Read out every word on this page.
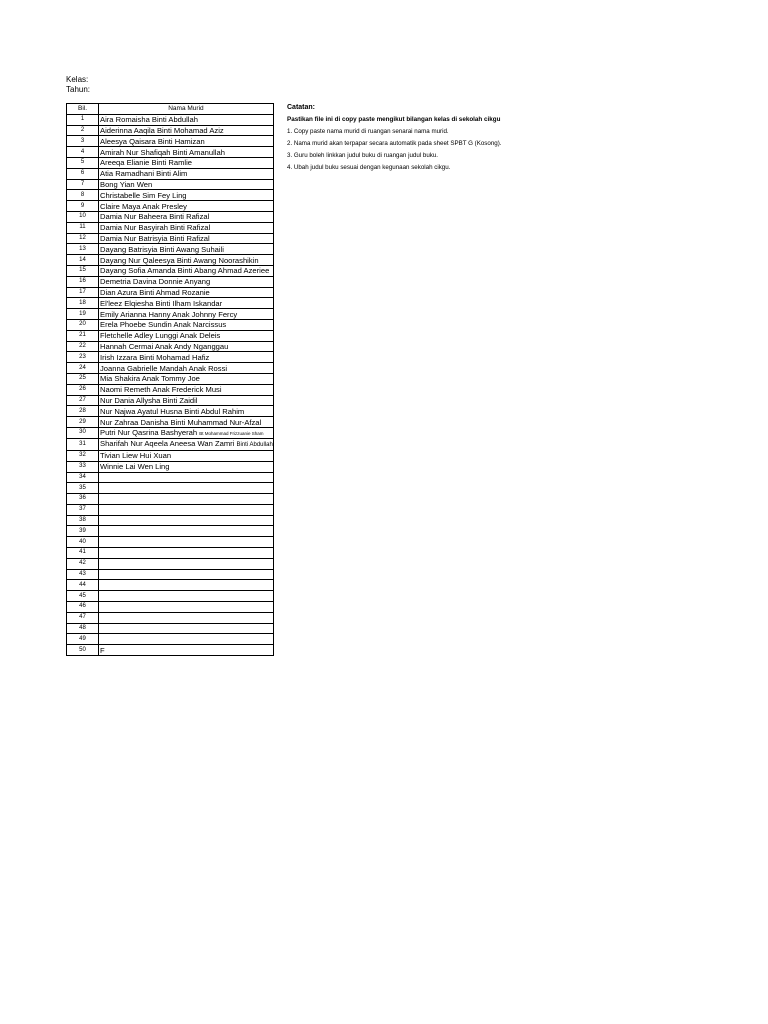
Kelas:
Tahun:
Bil.	Nama Murid
1	Aira Romaisha Binti Abdullah
2	Aiderinna Aaqila Binti Mohamad Aziz
3	Aleesya Qaisara Binti Hamizan
4	Amirah Nur Shafiqah Binti Amanullah
5	Areeqa Elianie Binti Ramlie
6	Atia Ramadhani Binti Alim
7	Bong Yian Wen
8	Christabelle Sim Fey Ling
9	Claire Maya Anak Presley
10	Damia Nur Baheera Binti Rafizal
11	Damia Nur Basyirah Binti Rafizal
12	Damia Nur Batrisyia Binti Rafizal
13	Dayang Batrisyia Binti Awang Suhaili
14	Dayang Nur Qaleesya Binti Awang Noorashikin
15	Dayang Sofia Amanda Binti Abang Ahmad Azeriee
16	Demetria Davina Donnie Anyang
17	Dian Azura Binti Ahmad Rozanie
18	El'leez Elqiesha Binti Ilham Iskandar
19	Emily Arianna Hanny Anak Johnny Fercy
20	Erela Phoebe Sundin Anak Narcissus
21	Fletchelle Adley Lunggi Anak Deleis
22	Hannah Cermai Anak Andy Nganggau
23	Irish Izzara Binti Mohamad Hafiz
24	Joanna Gabrielle Mandah Anak Rossi
25	Mia Shakira Anak Tommy Joe
26	Naomi Remeth Anak Frederick Musi
27	Nur Dania Allysha Binti Zaidil
28	Nur Najwa Ayatul Husna Binti Abdul Rahim
29	Nur Zahraa Danisha Binti Muhammad Nur-Afzal
30	Putri Nur Qasrina Bashyerah Bt Mohammad Frizzuanie Sham
31	Sharifah Nur Aqeela Aneesa Wan Zamri Binti Abdullah
32	Tivian Liew Hui Xuan
33	Winnie Lai Wen Ling
34	
35	
36	
37	
38	
39	
40	
41	
42	
43	
44	
45	
46	
47	
48	
49	
50	F
Catatan:
Pastikan file ini di copy paste mengikut bilangan kelas di sekolah cikgu
1. Copy paste nama murid di ruangan senarai nama murid.
2. Nama murid akan terpapar secara automatik pada sheet SPBT G (Kosong).
3. Guru boleh linkkan judul buku di ruangan judul buku.
4. Ubah judul buku sesuai dengan kegunaan sekolah cikgu.
